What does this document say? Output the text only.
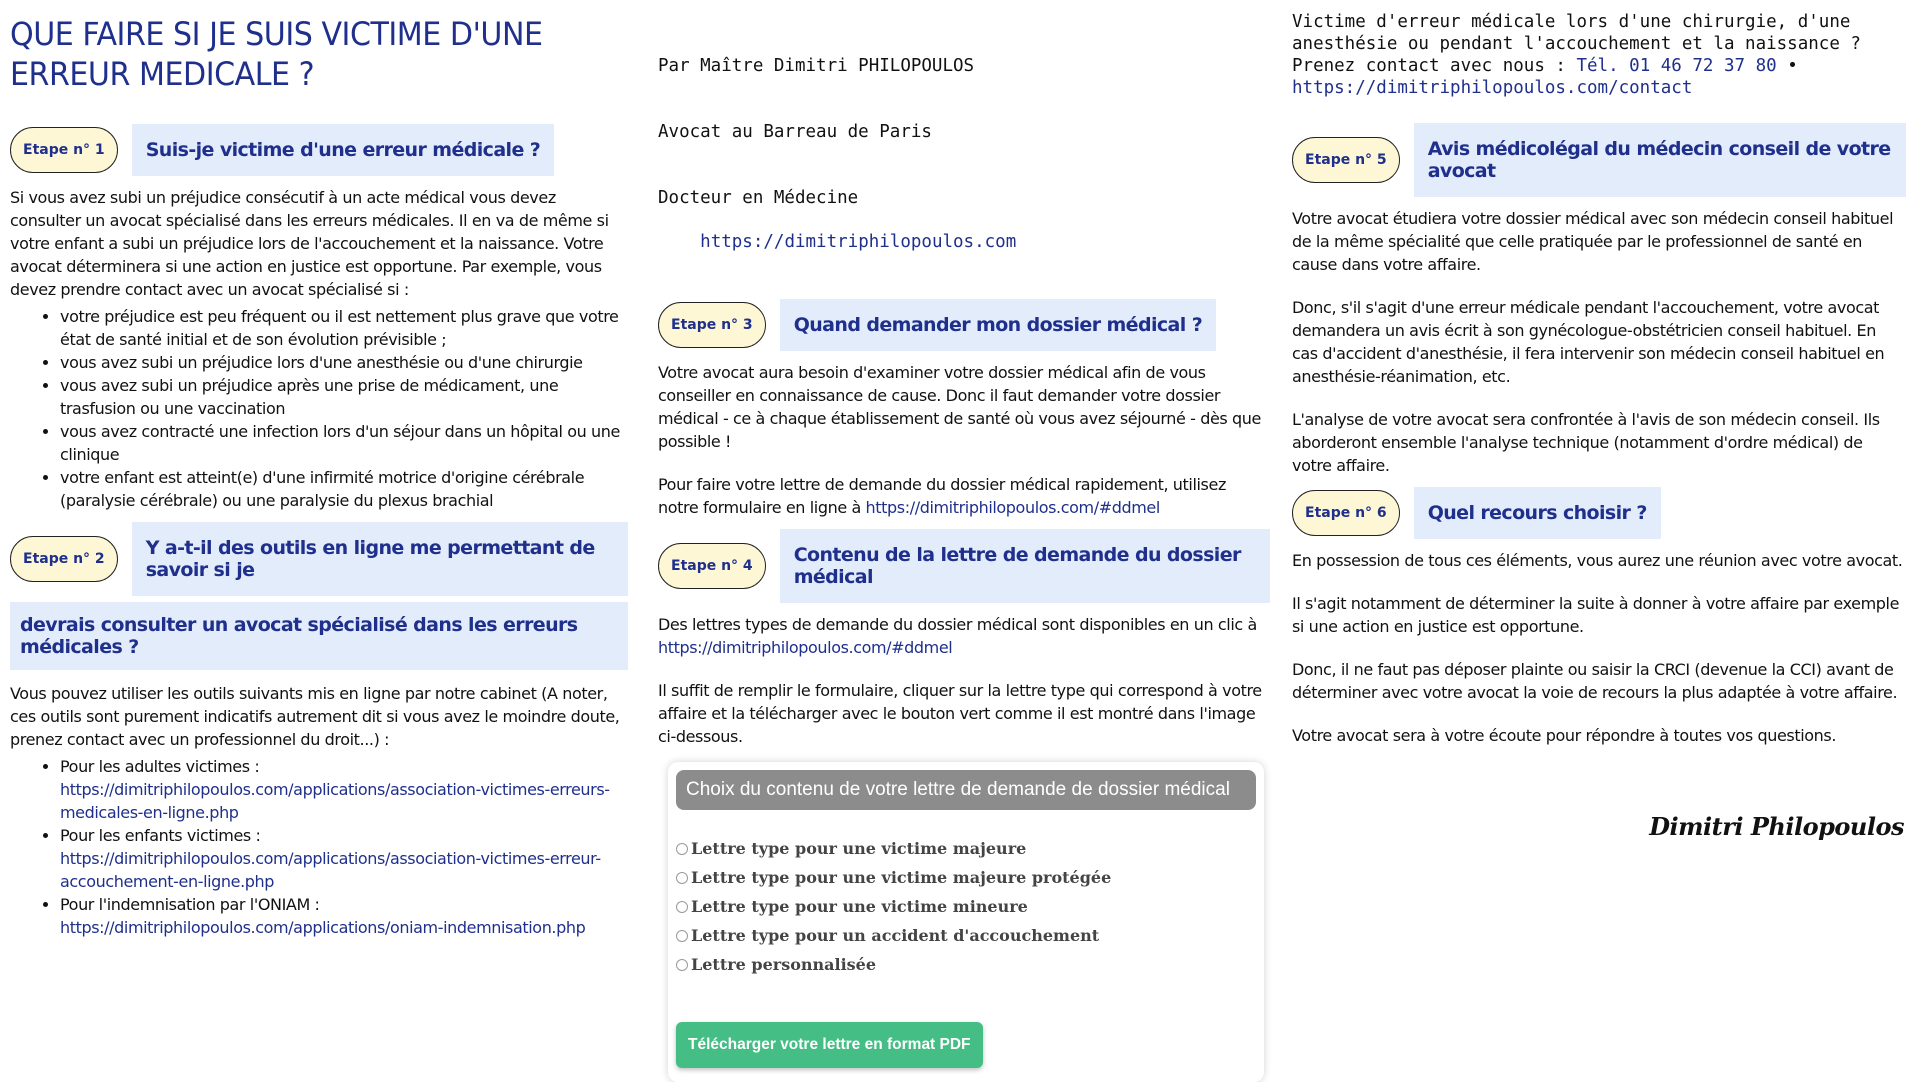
QUE FAIRE SI JE SUIS VICTIME D'UNE ERREUR MEDICALE ?
Etape n° 1	Suis-je victime d'une erreur médicale ?

Si vous avez subi un préjudice consécutif à un acte médical vous devez consulter un avocat spécialisé dans les erreurs médicales. Il en va de même si votre enfant a subi un préjudice lors de l'accouchement et la naissance. Votre avocat déterminera si une action en justice est opportune. Par exemple, vous devez prendre contact avec un avocat spécialisé si :

• votre préjudice est peu fréquent ou il est nettement plus grave que votre état de santé initial et de son évolution prévisible ;
• vous avez subi un préjudice lors d'une anesthésie ou d'une chirurgie
• vous avez subi un préjudice après une prise de médicament, une trasfusion ou une vaccination
• vous avez contracté une infection lors d'un séjour dans un hôpital ou une clinique
• votre enfant est atteint(e) d'une infirmité motrice d'origine cérébrale (paralysie cérébrale) ou une paralysie du plexus brachial
Etape n° 2	Y a-t-il des outils en ligne me permettant de savoir si je
devrais consulter un avocat spécialisé dans les erreurs médicales ?

Vous pouvez utiliser les outils suivants mis en ligne par notre cabinet (A noter, ces outils sont purement indicatifs autrement dit si vous avez le moindre doute, prenez contact avec un professionnel du droit...) :

• Pour les adultes victimes :
https://dimitriphilopoulos.com/applications/association-victimes-erreurs-medicales-en-ligne.php
• Pour les enfants victimes :
https://dimitriphilopoulos.com/applications/association-victimes-erreur-accouchement-en-ligne.php
• Pour l'indemnisation par l'ONIAM :
https://dimitriphilopoulos.com/applications/oniam-indemnisation.php

Par Maître Dimitri PHILOPOULOS

Avocat au Barreau de Paris

Docteur en Médecine

https://dimitriphilopoulos.com

Etape n° 3	Quand demander mon dossier médical ?

Votre avocat aura besoin d'examiner votre dossier médical afin de vous conseiller en connaissance de cause. Donc il faut demander votre dossier médical - ce à chaque établissement de santé où vous avez séjourné - dès que possible !

Pour faire votre lettre de demande du dossier médical rapidement, utilisez notre formulaire en ligne à https://dimitriphilopoulos.com/#ddmel

Etape n° 4	Contenu de la lettre de demande du dossier médical

Des lettres types de demande du dossier médical sont disponibles en un clic à
https://dimitriphilopoulos.com/#ddmel

Il suffit de remplir le formulaire, cliquer sur la lettre type qui correspond à votre affaire et la télécharger avec le bouton vert comme il est montré dans l'image ci-dessous.

Choix du contenu de votre lettre de demande de dossier médical
Lettre type pour une victime majeure
Lettre type pour une victime majeure protégée
Lettre type pour une victime mineure
Lettre type pour un accident d'accouchement
Lettre personnalisée
Télécharger votre lettre en format PDF
Victime d'erreur médicale lors d'une chirurgie, d'une anesthésie ou pendant l'accouchement et la naissance ? Prenez contact avec nous : Tél. 01 46 72 37 80 • https://dimitriphilopoulos.com/contact
Etape n° 5	Avis médicolégal du médecin conseil de votre avocat

Votre avocat étudiera votre dossier médical avec son médecin conseil habituel de la même spécialité que celle pratiquée par le professionnel de santé en cause dans votre affaire.

Donc, s'il s'agit d'une erreur médicale pendant l'accouchement, votre avocat demandera un avis écrit à son gynécologue-obstétricien conseil habituel. En cas d'accident d'anesthésie, il fera intervenir son médecin conseil habituel en anesthésie-réanimation, etc.

L'analyse de votre avocat sera confrontée à l'avis de son médecin conseil. Ils aborderont ensemble l'analyse technique (notamment d'ordre médical) de votre affaire.

Etape n° 6	Quel recours choisir ?

En possession de tous ces éléments, vous aurez une réunion avec votre avocat.

Il s'agit notamment de déterminer la suite à donner à votre affaire par exemple si une action en justice est opportune.

Donc, il ne faut pas déposer plainte ou saisir la CRCI (devenue la CCI) avant de déterminer avec votre avocat la voie de recours la plus adaptée à votre affaire.

Votre avocat sera à votre écoute pour répondre à toutes vos questions.

Dimitri Philopoulos
